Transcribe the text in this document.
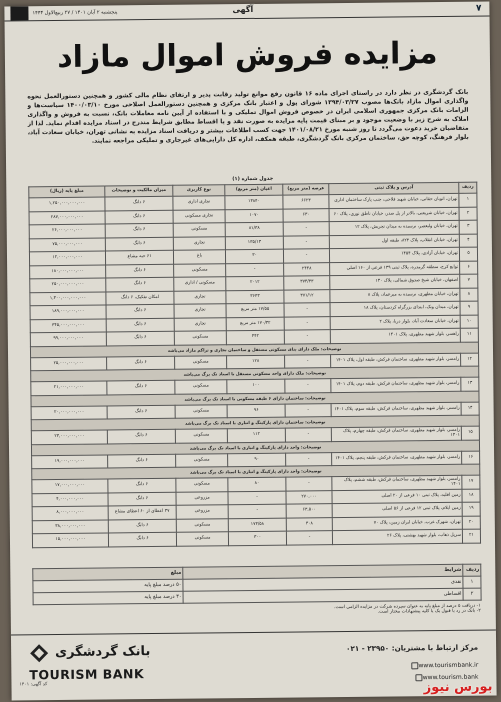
پنجشنبه ۲ آبان ۱۴۰۱ / ۲۷ ربیع‌الاول ۱۴۴۴	آگهی	۷
مزایده فروش اموال مازاد
بانک گردشگری در نظر دارد در راستای اجرای ماده ۱۶ قانون رفع موانع تولید رقابت پذیر و ارتقای نظام مالی کشور و همچنین دستورالعمل نحوه واگذاری اموال مازاد بانک‌ها مصوب ۱۳۹۴/۰۳/۲۷ شورای پول و اعتبار بانک مرکزی و همچنین دستورالعمل اصلاحی مورخ ۱۴۰۰/۰۳/۱۰ سیاست‌ها و الزامات بانک مرکزی جمهوری اسلامی ایران در خصوص فروش اموال تملیکی و با استفاده از آیین نامه معاملات بانک، نسبت به فروش و واگذاری املاک به شرح زیر با وضعیت موجود و بر مبنای قیمت پایه مزایده به صورت نقد و یا اقساط مطابق شرایط مندرج در اسناد مزایده اقدام نماید. لذا از متقاضیان خرید دعوت می‌گردد تا روز شنبه مورخ ۱۴۰۱/۰۸/۲۱ جهت کسب اطلاعات بیشتر و دریافت اسناد مزایده به نشانی تهران، خیابان سعادت آباد، بلوار فرهنگ، کوچه حق، ساختمان مرکزی بانک گردشگری، طبقه همکف، اداره کل دارایی‌های غیرجاری و تملیکی مراجعه نمایند.
جدول شماره (۱)						
ردیف	آدرس و پلاک ثبتی	عرصه (متر مربع)	اعیان (متر مربع)	نوع کاربری	میزان مالکیت و توضیحات	مبلغ پایه (ریال)
۱	تهران، اتوبان حقانی، خیابان شهید فلاحی، جنب پارک ساختمان اداری	۶۶۲۳	۱۳۸۴۰	تجاری اداری	۶ دانگ	۱,۲۵۰,۰۰۰,۰۰۰,۰۰۰
۲	تهران، خیابان شریعتی، بالاتر از پل صدر، خیابان ناطق نوری، پلاک ۶۰	۶۳۰	۱۰۷۰	تجاری مسکونی	۶ دانگ	۲۸۷,۰۰۰,۰۰۰,۰۰۰
۳	تهران، خیابان ولیعصر، نرسیده به میدان تجریش، پلاک ۱۲	-	۸۱/۳۸	مسکونی	۶ دانگ	۲۶,۰۰۰,۰۰۰,۰۰۰
۴	تهران، خیابان انقلاب، پلاک ۸۲۳، طبقه اول	-	۱۳۵/۱۳	تجاری	۶ دانگ	۷۵,۰۰۰,۰۰۰,۰۰۰
۵	تهران، خیابان آزادی، پلاک ۱۴۵۴	-	۳۰	باغ	۶۱ حبه مشاع	۱۲,۰۰۰,۰۰۰,۰۰۰
۶	توابع کرج، منطقه گرمدره، پلاک ثبتی ۱۳۹ فرعی از ۱۶۰ اصلی	۲۴۴۸	-	مسکونی	۶ دانگ	۱۸۰,۰۰۰,۰۰۰,۰۰۰
۷	اصفهان، خیابان شیخ صدوق شمالی، پلاک ۱۳۰	۳۷۳/۳۳	۲۰۱۲	مسکونی / اداری	۶ دانگ	۲۵۰,۰۰۰,۰۰۰,۰۰۰
۸	تهران، خیابان مطهری، نرسیده به میرعماد، پلاک ۸	۳۷۱/۱۲	۳۶۴۳	تجاری	امکان تفکیک، ۶ دانگ	۱,۳۰۰,۰۰۰,۰۰۰,۰۰۰
۹	تهران، میدان ونک، ابتدای بزرگراه کردستان، پلاک ۱۸	-	۱۷/۵۵ متر مربع	تجاری	۶ دانگ	۱۸۹,۰۰۰,۰۰۰,۰۰۰
۱۰	تهران، خیابان سعادت آباد، بلوار دریا، پلاک ۲	-	۱۷۰/۳۲ متر مربع	تجاری	۶ دانگ	۳۴۵,۰۰۰,۰۰۰,۰۰۰
۱۱	راهسر، بلوار شهید مطهری، پلاک ۱۴۰۱	-	۴۴۲	مسکونی	۶ دانگ	۹۹,۰۰۰,۰۰۰,۰۰۰
توضیحات: ملک دارای بنای مسکونی مستقل و ساختمان تجاری و تراکم مازاد می‌باشد						
۱۲	رامسر، بلوار شهید مطهری، ساختمان فرکش، طبقه اول، پلاک ۱۴۰۱	-	۱۲۸	مسکونی	۶ دانگ	۲۵,۰۰۰,۰۰۰,۰۰۰
توضیحات: ملک دارای واحد مسکونی مستقل با اسناد تک برگ می‌باشد						
۱۳	رامسر، بلوار شهید مطهری، ساختمان فرکش، طبقه دوم، پلاک ۱۴۰۱	-	۱۰۰	مسکونی	۶ دانگ	۲۱,۰۰۰,۰۰۰,۰۰۰
توضیحات: ساختمان دارای ۶ طبقه مسکونی با اسناد تک برگ می‌باشد						
۱۴	رامسر، بلوار شهید مطهری، ساختمان فرکش، طبقه سوم، پلاک ۱۴۰۱	-	۹۶	مسکونی	۶ دانگ	۲۰,۰۰۰,۰۰۰,۰۰۰
توضیحات: ساختمان دارای پارکینگ و انباری با اسناد تک برگ می‌باشد						
۱۵	رامسر، بلوار شهید مطهری، ساختمان فرکش، طبقه چهارم، پلاک ۱۴۰۱	-	۱۱۲	مسکونی	۶ دانگ	۲۳,۰۰۰,۰۰۰,۰۰۰
توضیحات: واحد دارای پارکینگ و انباری با اسناد تک برگ می‌باشد						
۱۶	رامسر، بلوار شهید مطهری، ساختمان فرکش، طبقه پنجم، پلاک ۱۴۰۱	-	۹۰	مسکونی	۶ دانگ	۱۹,۰۰۰,۰۰۰,۰۰۰
توضیحات: واحد دارای پارکینگ و انباری با اسناد تک برگ می‌باشد						
۱۷	رامسر، بلوار شهید مطهری، ساختمان فرکش، طبقه ششم، پلاک ۱۴۰۱	-	۸۰	مسکونی	۶ دانگ	۱۷,۰۰۰,۰۰۰,۰۰۰
۱۸	زمین اقلید، پلاک ثبتی ۱۰ فرعی از ۲۰ اصلی	۲۷۰,۰۰۰	-	مزروعی	۶ دانگ	۴,۰۰۰,۰۰۰,۰۰۰
۱۹	زمین ایلام، پلاک ثبتی ۱۲ فرعی از ۵۶ اصلی	۶۳,۵۰۰	-	مزروعی	۳۷ اعطای از ۶۰ اعطای مشاع	۸,۰۰۰,۰۰۰,۰۰۰
۲۰	تهران، شهرک غرب، خیابان ایران زمین، پلاک ۷۰	۳۰۸	۱۷۳/۵۸	مسکونی	۶ دانگ	۳۸,۰۰۰,۰۰۰,۰۰۰
۲۱	سرپل ذهاب، بلوار شهید بهشتی، پلاک ۲۶	-	۳۰۰	مسکونی	۶ دانگ	۱۵,۰۰۰,۰۰۰,۰۰۰
ردیف	شرایط	مبلغ
۱	نقدی	۵۰ درصد مبلغ پایه
۲	اقساطی	۳۰ درصد مبلغ پایه
۱- دریافت ۵ درصد از مبلغ پایه به عنوان سپرده شرکت در مزایده الزامی است.
۲- بانک در رد یا قبول یک یا کلیه پیشنهادات مختار است.
مرکز ارتباط با مشتریان: ۲۳۹۵۰ - ۰۲۱
www.tourismbank.ir
www.tourism.bank
بانک گردشگری
TOURISM BANK
کد آگهی: ۱۴۰۱	بورس نیوز
